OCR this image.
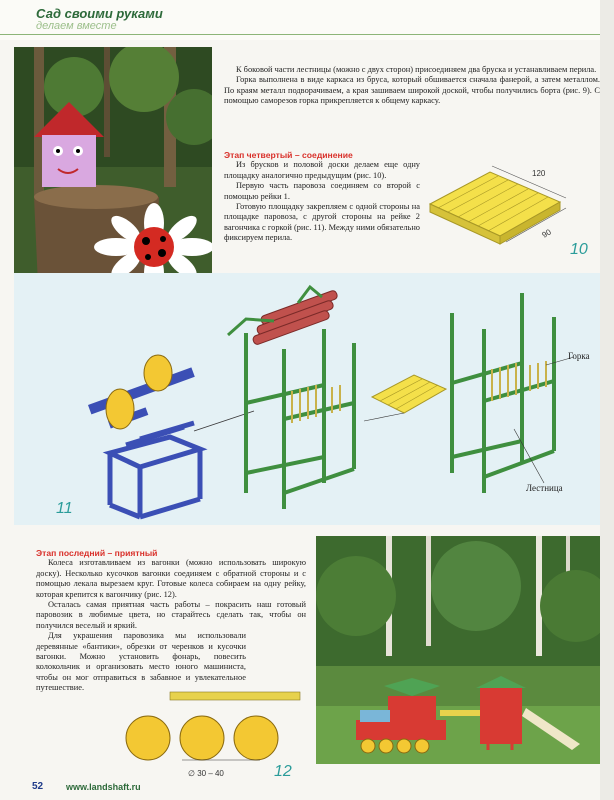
Сад своими руками
делаем вместе

К боковой части лестницы (можно с двух сторон) присоединяем два бруска и устанавливаем перила.

Горка выполнена в виде каркаса из бруса, который обшивается сначала фанерой, а затем металлом. По краям металл подворачиваем, а края зашиваем широкой доской, чтобы получились борта (рис. 9). С помощью саморезов горка прикрепляется к общему каркасу.

Этап четвертый – соединение

Из брусков и половой доски делаем еще одну площадку аналогично предыдущим (рис. 10).

Первую часть паровоза соединяем со второй с помощью рейки 1.

Готовую площадку закрепляем с одной стороны на площадке паровоза, с другой стороны на рейке 2 вагончика с горкой (рис. 11). Между ними обязательно фиксируем перила.

120
90
10
Горка
Лестница
11

Этап последний – приятный

Колеса изготавливаем из вагонки (можно использовать широкую доску). Несколько кусочков вагонки соединяем с обратной стороны и с помощью лекала вырезаем круг. Готовые колеса собираем на одну рейку, которая крепится к вагончику (рис. 12).

Осталась самая приятная часть работы – покрасить наш готовый паровозик в любимые цвета, но старайтесь сделать так, чтобы он получился веселый и яркий.

Для украшения паровозика мы использовали деревянные «бантики», обрезки от черенков и кусочки вагонки. Можно установить фонарь, повесить колокольчик и организовать место юного машиниста, чтобы он мог отправиться в забавное и увлекательное путешествие.

∅ 30 – 40	12
52	www.landshaft.ru
